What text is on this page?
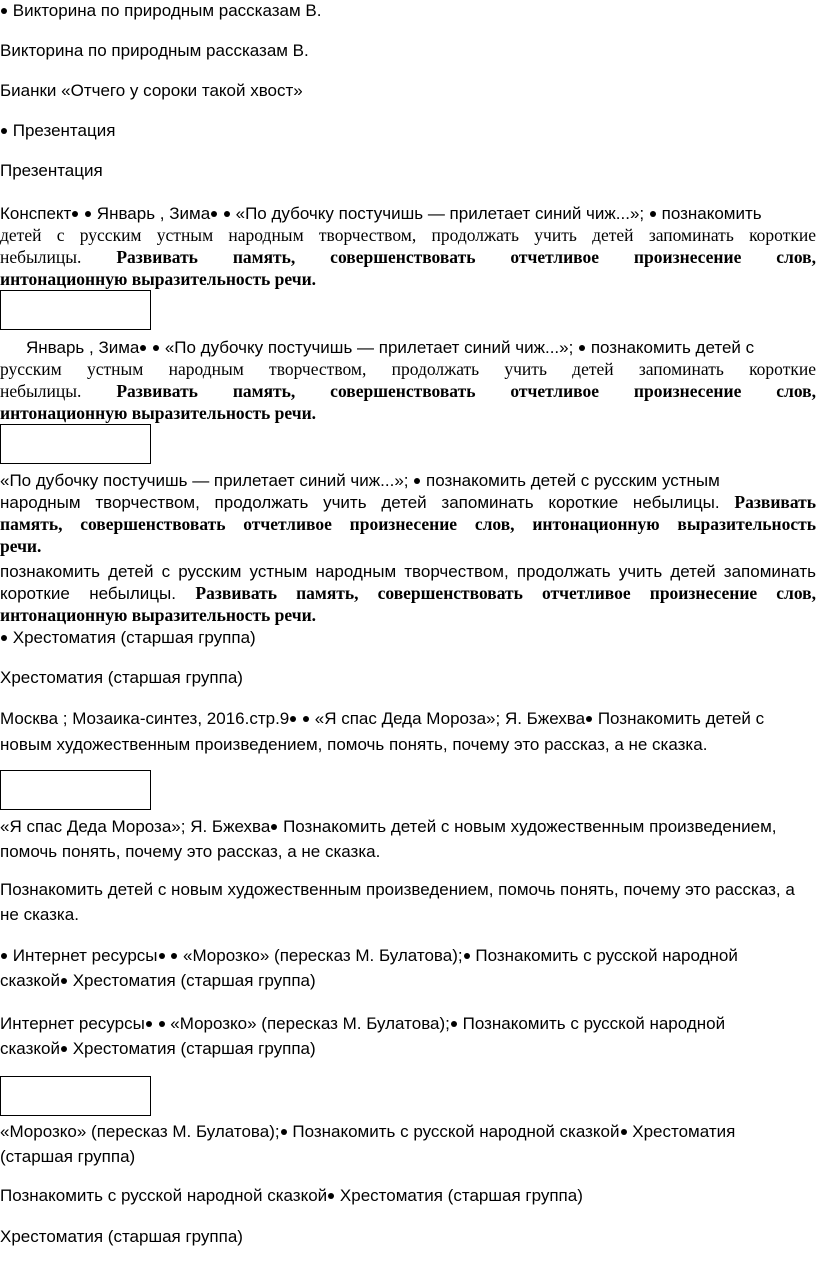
Викторина по природным рассказам В.
Викторина по природным рассказам В.
Бианки «Отчего у сороки такой хвост»
Презентация
Презентация
Конспект Январь , Зима «По дубочку постучишь — прилетает синий чиж...»; познакомить
детей с русским устным народным творчеством, продолжать учить детей запоминать короткие
небылицы. Развивать память, совершенствовать отчетливое произнесение слов,
интонационную выразительность речи.
Январь , Зима «По дубочку постучишь — прилетает синий чиж...»; познакомить детей с
русским устным народным творчеством, продолжать учить детей запоминать короткие
небылицы. Развивать память, совершенствовать отчетливое произнесение слов,
интонационную выразительность речи.
«По дубочку постучишь — прилетает синий чиж...»; познакомить детей с русским устным
народным творчеством, продолжать учить детей запоминать короткие небылицы. Развивать
память, совершенствовать отчетливое произнесение слов, интонационную выразительность
речи.
познакомить детей с русским устным народным творчеством, продолжать учить детей запоминать
короткие небылицы. Развивать память, совершенствовать отчетливое произнесение слов,
интонационную выразительность речи.
Хрестоматия (старшая группа)
Хрестоматия (старшая группа)
Москва ; Мозаика-синтез, 2016.стр.9 «Я спас Деда Мороза»; Я. Бжехва Познакомить детей с
новым художественным произведением, помочь понять, почему это рассказ, а не сказка.
«Я спас Деда Мороза»; Я. Бжехва Познакомить детей с новым художественным произведением,
помочь понять, почему это рассказ, а не сказка.
Познакомить детей с новым художественным произведением, помочь понять, почему это рассказ, а
не сказка.
Интернет ресурсы «Морозко» (пересказ М. Булатова); Познакомить с русской народной
сказкой Хрестоматия (старшая группа)
Интернет ресурсы «Морозко» (пересказ М. Булатова); Познакомить с русской народной
сказкой Хрестоматия (старшая группа)
«Морозко» (пересказ М. Булатова); Познакомить с русской народной сказкой Хрестоматия
(старшая группа)
Познакомить с русской народной сказкой Хрестоматия (старшая группа)
Хрестоматия (старшая группа)
